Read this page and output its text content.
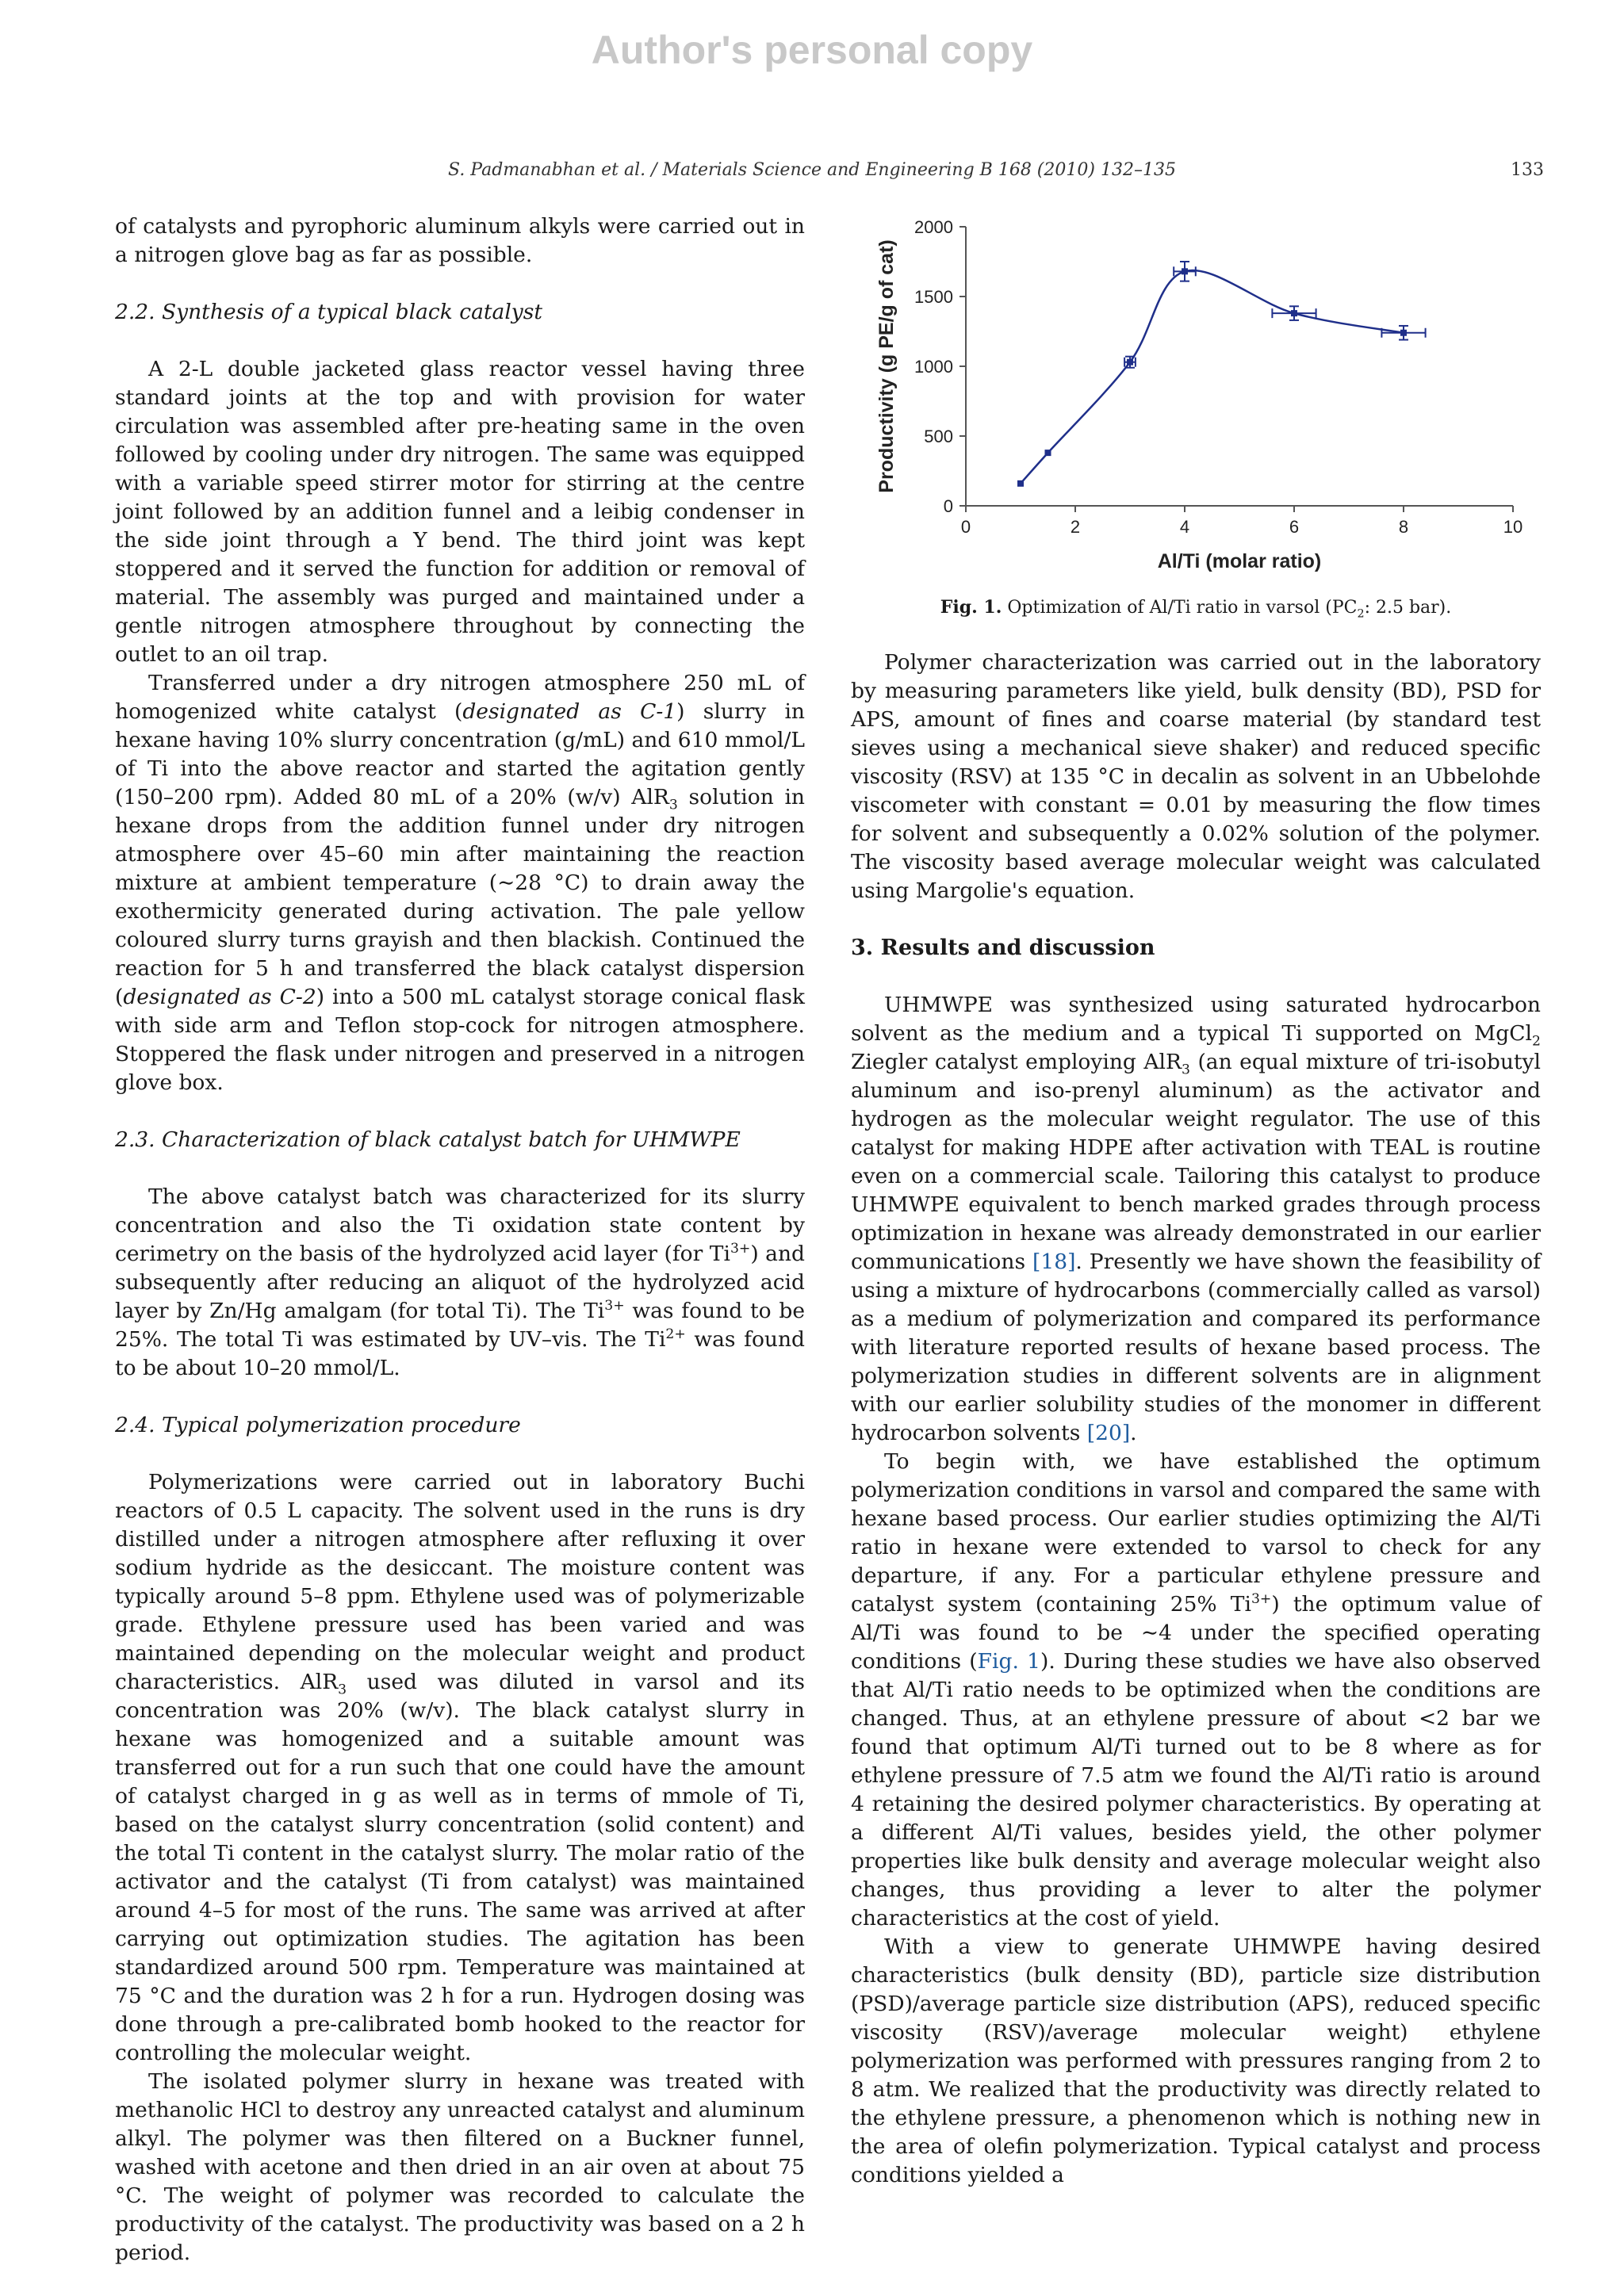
Author's personal copy
S. Padmanabhan et al. / Materials Science and Engineering B 168 (2010) 132–135	133

of catalysts and pyrophoric aluminum alkyls were carried out in a nitrogen glove bag as far as possible.

2.2. Synthesis of a typical black catalyst

A 2-L double jacketed glass reactor vessel having three standard joints at the top and with provision for water circulation was assembled after pre-heating same in the oven followed by cooling under dry nitrogen. The same was equipped with a variable speed stirrer motor for stirring at the centre joint followed by an addition funnel and a leibig condenser in the side joint through a Y bend. The third joint was kept stoppered and it served the function for addition or removal of material. The assembly was purged and maintained under a gentle nitrogen atmosphere throughout by connecting the outlet to an oil trap.

Transferred under a dry nitrogen atmosphere 250 mL of homogenized white catalyst (designated as C-1) slurry in hexane having 10% slurry concentration (g/mL) and 610 mmol/L of Ti into the above reactor and started the agitation gently (150–200 rpm). Added 80 mL of a 20% (w/v) AlR$_3$ solution in hexane drops from the addition funnel under dry nitrogen atmosphere over 45–60 min after maintaining the reaction mixture at ambient temperature (∼28 °C) to drain away the exothermicity generated during activation. The pale yellow coloured slurry turns grayish and then blackish. Continued the reaction for 5 h and transferred the black catalyst dispersion (designated as C-2) into a 500 mL catalyst storage conical flask with side arm and Teflon stop-cock for nitrogen atmosphere. Stoppered the flask under nitrogen and preserved in a nitrogen glove box.

2.3. Characterization of black catalyst batch for UHMWPE

The above catalyst batch was characterized for its slurry concentration and also the Ti oxidation state content by cerimetry on the basis of the hydrolyzed acid layer (for $Ti^{3+}$) and subsequently after reducing an aliquot of the hydrolyzed acid layer by Zn/Hg amalgam (for total Ti). The $Ti^{3+}$ was found to be 25%. The total Ti was estimated by UV–vis. The $Ti^{2+}$ was found to be about 10–20 mmol/L.

2.4. Typical polymerization procedure

Polymerizations were carried out in laboratory Buchi reactors of 0.5 L capacity. The solvent used in the runs is dry distilled under a nitrogen atmosphere after refluxing it over sodium hydride as the desiccant. The moisture content was typically around 5–8 ppm. Ethylene used was of polymerizable grade. Ethylene pressure used has been varied and was maintained depending on the molecular weight and product characteristics. AlR$_3$ used was diluted in varsol and its concentration was 20% (w/v). The black catalyst slurry in hexane was homogenized and a suitable amount was transferred out for a run such that one could have the amount of catalyst charged in g as well as in terms of mmole of Ti, based on the catalyst slurry concentration (solid content) and the total Ti content in the catalyst slurry. The molar ratio of the activator and the catalyst (Ti from catalyst) was maintained around 4–5 for most of the runs. The same was arrived at after carrying out optimization studies. The agitation has been standardized around 500 rpm. Temperature was maintained at 75 °C and the duration was 2 h for a run. Hydrogen dosing was done through a pre-calibrated bomb hooked to the reactor for controlling the molecular weight.

The isolated polymer slurry in hexane was treated with methanolic HCl to destroy any unreacted catalyst and aluminum alkyl. The polymer was then filtered on a Buckner funnel, washed with acetone and then dried in an air oven at about 75 °C. The weight of polymer was recorded to calculate the productivity of the catalyst. The productivity was based on a 2 h period.

0
500
1000
1500
2000
0	2	4	6	8	10
Al/Ti (molar ratio)
Productivity (g PE/g of cat)
Fig. 1. Optimization of Al/Ti ratio in varsol ($PC_2$: 2.5 bar).

Polymer characterization was carried out in the laboratory by measuring parameters like yield, bulk density (BD), PSD for APS, amount of fines and coarse material (by standard test sieves using a mechanical sieve shaker) and reduced specific viscosity (RSV) at 135 °C in decalin as solvent in an Ubbelohde viscometer with constant = 0.01 by measuring the flow times for solvent and subsequently a 0.02% solution of the polymer. The viscosity based average molecular weight was calculated using Margolie's equation.

3. Results and discussion

UHMWPE was synthesized using saturated hydrocarbon solvent as the medium and a typical Ti supported on MgCl$_2$ Ziegler catalyst employing AlR$_3$ (an equal mixture of tri-isobutyl aluminum and iso-prenyl aluminum) as the activator and hydrogen as the molecular weight regulator. The use of this catalyst for making HDPE after activation with TEAL is routine even on a commercial scale. Tailoring this catalyst to produce UHMWPE equivalent to bench marked grades through process optimization in hexane was already demonstrated in our earlier communications [18]. Presently we have shown the feasibility of using a mixture of hydrocarbons (commercially called as varsol) as a medium of polymerization and compared its performance with literature reported results of hexane based process. The polymerization studies in different solvents are in alignment with our earlier solubility studies of the monomer in different hydrocarbon solvents [20].

To begin with, we have established the optimum polymerization conditions in varsol and compared the same with hexane based process. Our earlier studies optimizing the Al/Ti ratio in hexane were extended to varsol to check for any departure, if any. For a particular ethylene pressure and catalyst system (containing 25% $Ti^{3+}$) the optimum value of Al/Ti was found to be ∼4 under the specified operating conditions (Fig. 1). During these studies we have also observed that Al/Ti ratio needs to be optimized when the conditions are changed. Thus, at an ethylene pressure of about <2 bar we found that optimum Al/Ti turned out to be 8 where as for ethylene pressure of 7.5 atm we found the Al/Ti ratio is around 4 retaining the desired polymer characteristics. By operating at a different Al/Ti values, besides yield, the other polymer properties like bulk density and average molecular weight also changes, thus providing a lever to alter the polymer characteristics at the cost of yield.

With a view to generate UHMWPE having desired characteristics (bulk density (BD), particle size distribution (PSD)/average particle size distribution (APS), reduced specific viscosity (RSV)/average molecular weight) ethylene polymerization was performed with pressures ranging from 2 to 8 atm. We realized that the productivity was directly related to the ethylene pressure, a phenomenon which is nothing new in the area of olefin polymerization. Typical catalyst and process conditions yielded a
